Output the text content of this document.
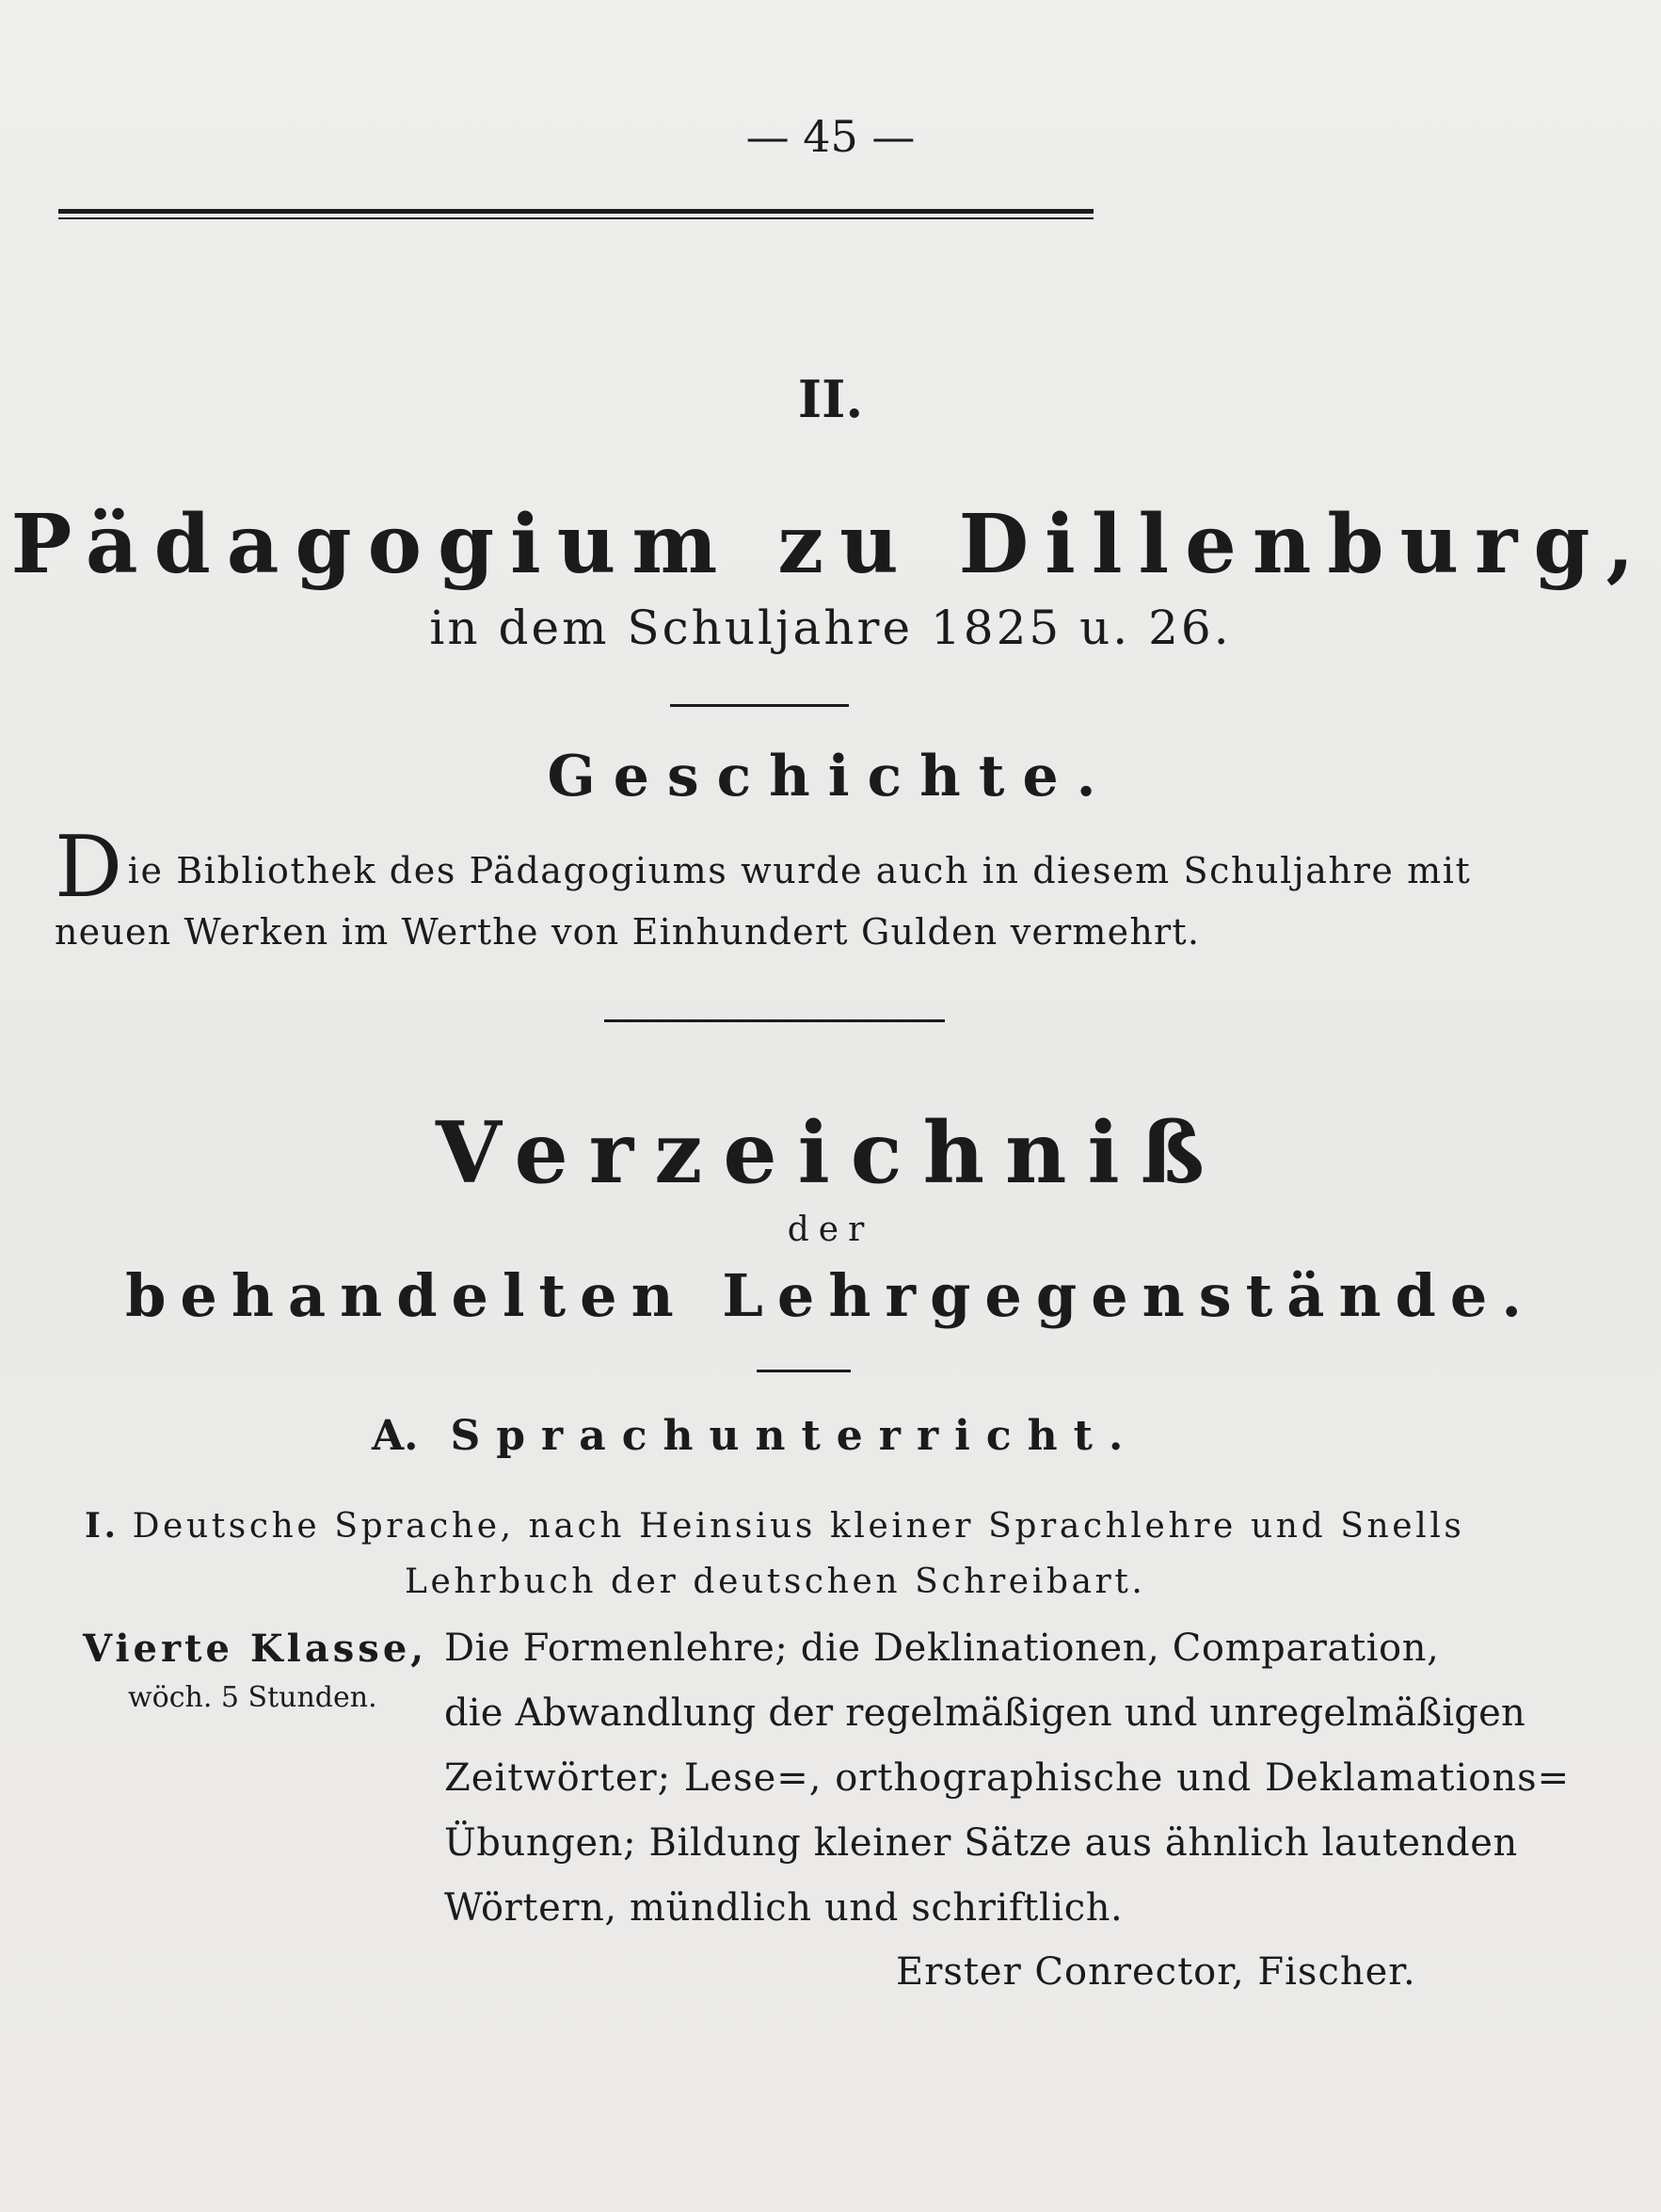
— 45 —

II.

Pädagogium zu Dillenburg,

in dem Schuljahre 1825 u. 26.

Geschichte.

Die Bibliothek des Pädagogiums wurde auch in diesem Schuljahre mit

neuen Werken im Werthe von Einhundert Gulden vermehrt.

Verzeichniß

der

behandelten Lehrgegenstände.

A. Sprachunterricht.

I. Deutsche Sprache, nach Heinsius kleiner Sprachlehre und Snells

Lehrbuch der deutschen Schreibart.

Vierte Klasse,

wöch. 5 Stunden.

Die Formenlehre; die Deklinationen, Comparation,

die Abwandlung der regelmäßigen und unregelmäßigen

Zeitwörter; Lese=, orthographische und Deklamations=

Übungen; Bildung kleiner Sätze aus ähnlich lautenden

Wörtern, mündlich und schriftlich.

Erster Conrector, Fischer.
